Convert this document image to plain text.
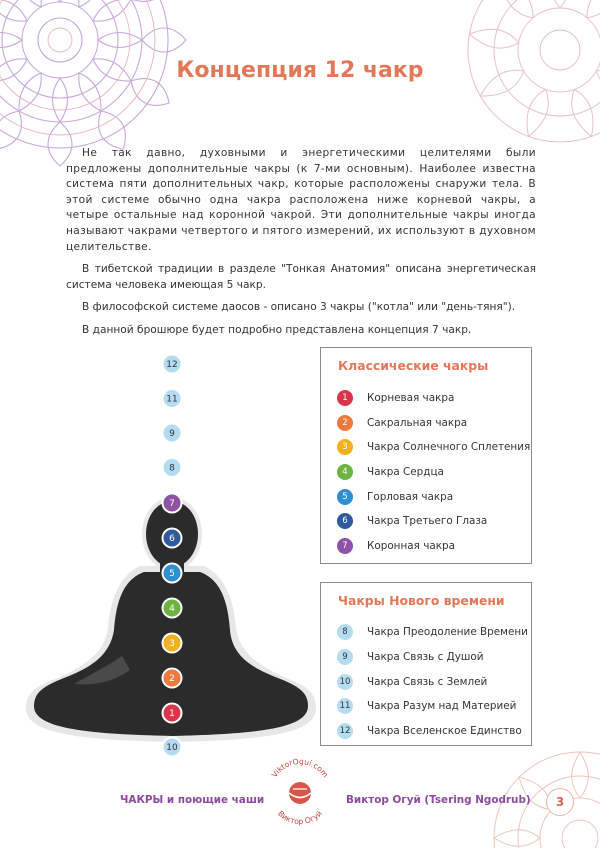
Концепция 12 чакр

Не так давно, духовными и энергетическими целителями были предложены дополнительные чакры (к 7-ми основным). Наиболее известна система пяти дополнительных чакр, которые расположены снаружи тела. В этой системе обычно одна чакра расположена ниже корневой чакры, а четыре остальные над коронной чакрой. Эти дополнительные чакры иногда называют чакрами четвертого и пятого измерений, их используют в духовном целительстве.

В тибетской традиции в разделе "Тонкая Анатомия" описана энергетическая система человека имеющая 5 чакр.

В философской системе даосов - описано 3 чакры ("котла" или "день-тяня").

В данной брошюре будет подробно представлена концепция 7 чакр.

12
11
9
8
7
6
5
4
3
2
1
10
Классические чакры
1	Корневая чакра
2	Сакральная чакра
3	Чакра Солнечного Сплетения
4	Чакра Сердца
5	Горловая чакра
6	Чакра Третьего Глаза
7	Коронная чакра
Чакры Нового времени
8	Чакра Преодоление Времени
9	Чакра Связь с Душой
10 Чакра Связь с Землей
11 Чакра Разум над Материей
12 Чакра Вселенское Единство
ViktorOgui.com
Виктор Огуй

ЧАКРЫ и поющие чаши	Виктор Огуй (Tsering Ngodrub)	3
